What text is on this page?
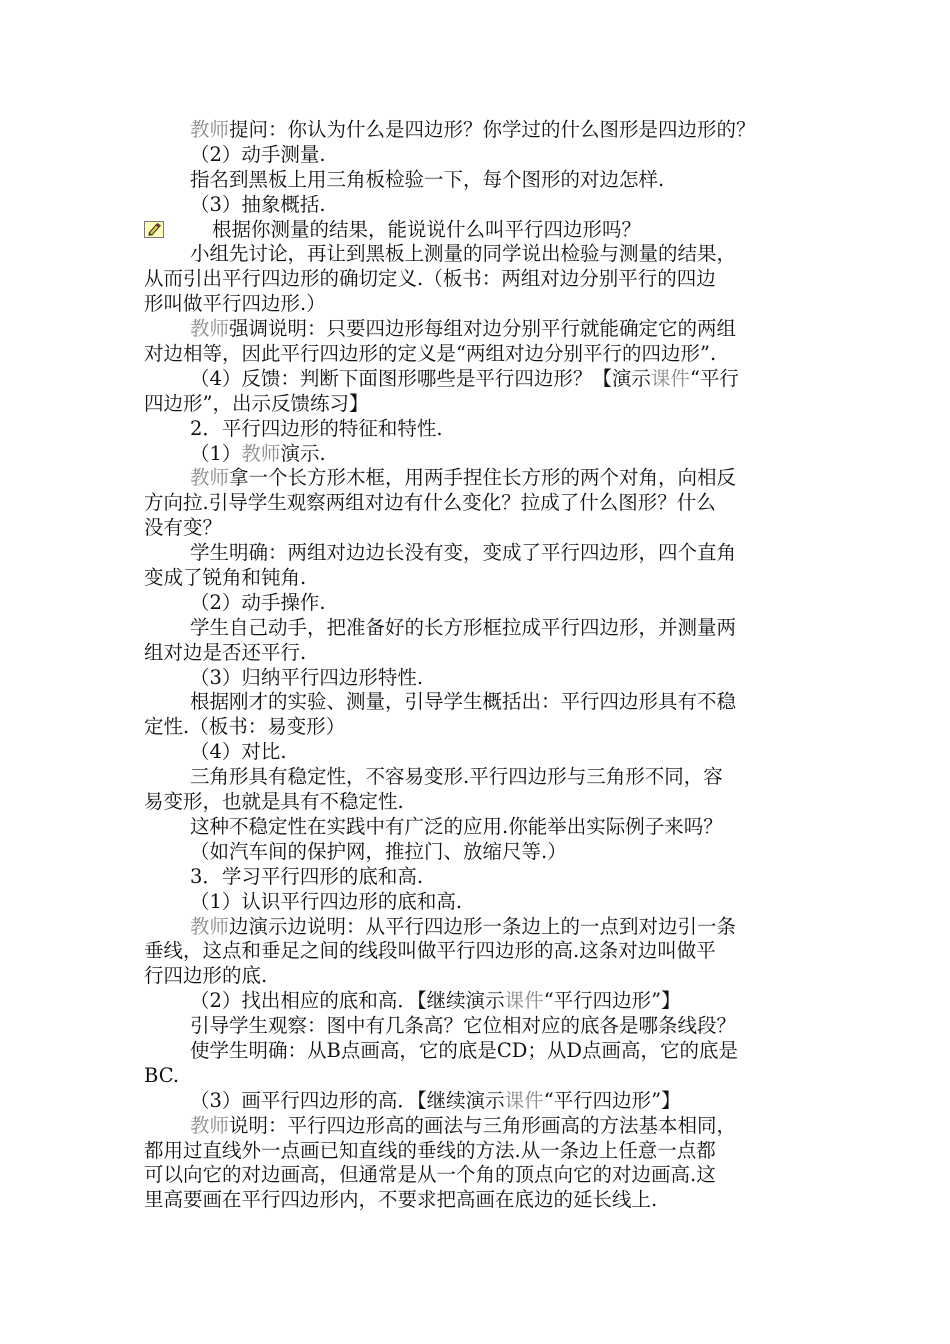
教师提问：你认为什么是四边形？你学过的什么图形是四边形的？
（2）动手测量.
指名到黑板上用三角板检验一下，每个图形的对边怎样.
（3）抽象概括.
根据你测量的结果，能说说什么叫平行四边形吗？
小组先讨论，再让到黑板上测量的同学说出检验与测量的结果，
从而引出平行四边形的确切定义.（板书：两组对边分别平行的四边
形叫做平行四边形.）
教师强调说明：只要四边形每组对边分别平行就能确定它的两组
对边相等，因此平行四边形的定义是“两组对边分别平行的四边形”.
（4）反馈：判断下面图形哪些是平行四边形？【演示课件“平行
四边形”，出示反馈练习】
2．平行四边形的特征和特性.
（1）教师演示.
教师拿一个长方形木框，用两手捏住长方形的两个对角，向相反
方向拉.引导学生观察两组对边有什么变化？拉成了什么图形？什么
没有变？
学生明确：两组对边边长没有变，变成了平行四边形，四个直角
变成了锐角和钝角.
（2）动手操作.
学生自己动手，把准备好的长方形框拉成平行四边形，并测量两
组对边是否还平行.
（3）归纳平行四边形特性.
根据刚才的实验、测量，引导学生概括出：平行四边形具有不稳
定性.（板书：易变形）
（4）对比.
三角形具有稳定性，不容易变形.平行四边形与三角形不同，容
易变形，也就是具有不稳定性.
这种不稳定性在实践中有广泛的应用.你能举出实际例子来吗？
（如汽车间的保护网，推拉门、放缩尺等.）
3．学习平行四形的底和高.
（1）认识平行四边形的底和高.
教师边演示边说明：从平行四边形一条边上的一点到对边引一条
垂线，这点和垂足之间的线段叫做平行四边形的高.这条对边叫做平
行四边形的底.
（2）找出相应的底和高．【继续演示课件“平行四边形”】
引导学生观察：图中有几条高？它位相对应的底各是哪条线段？
使学生明确：从B点画高，它的底是CD；从D点画高，它的底是
BC.
（3）画平行四边形的高．【继续演示课件“平行四边形”】
教师说明：平行四边形高的画法与三角形画高的方法基本相同，
都用过直线外一点画已知直线的垂线的方法.从一条边上任意一点都
可以向它的对边画高，但通常是从一个角的顶点向它的对边画高.这
里高要画在平行四边形内，不要求把高画在底边的延长线上.
